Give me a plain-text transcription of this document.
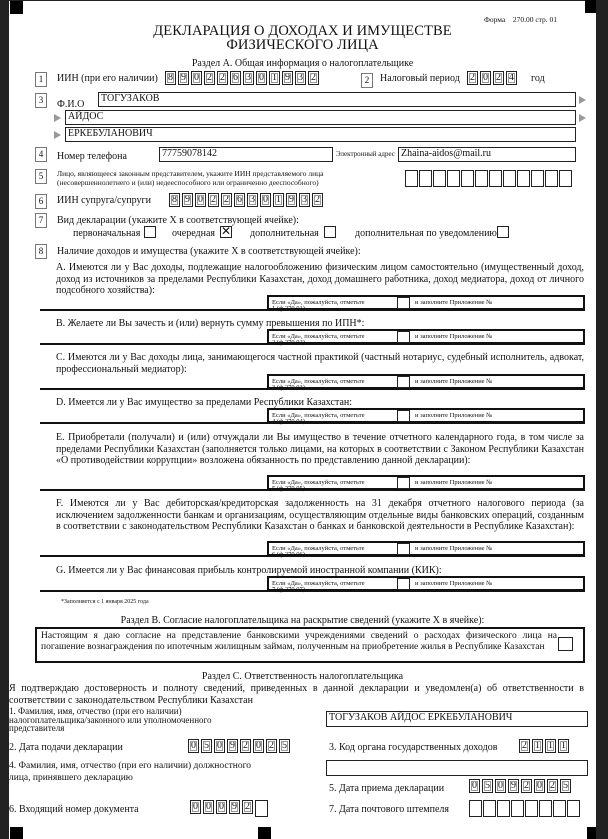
Форма 270.00 стр. 01
ДЕКЛАРАЦИЯ О ДОХОДАХ И ИМУЩЕСТВЕ
ФИЗИЧЕСКОГО ЛИЦА
Раздел А. Общая информация о налогоплательщике
1	ИИН (при его наличии)	8 9 0 2 2 6 3 0 1 9 3 2	2	Налоговый период	2 0 2 4	год
3	Ф.И.О
ТОГУЗАКОВ
АЙДОС
ЕРКЕБУЛАНОВИЧ
4	Номер телефона	77759078142	Электронный адрес Zhaina-aidos@mail.ru
5	Лицо, являющееся законным представителем, укажите ИИН представляемого лица
(несовершеннолетнего и (или) недееспособного или ограниченно дееспособного)
6	ИИН супруга/супруги	8 9 0 2 2 6 3 0 1 9 3 2
7	Вид декларации (укажите Х в соответствующей ячейке):
первоначальная	очередная ✕ дополнительная	дополнительная по уведомлению
8	Наличие доходов и имущества (укажите Х в соответствующей ячейке):
А. Имеются ли у Вас доходы, подлежащие налогообложению физическим лицом самостоятельно (имущественный доход, доход из источников за пределами Республики Казахстан, доход домашнего работника, доход медиатора, доход от личного подсобного хозяйства):
Если «Да», пожалуйста, отметьте	и заполните Приложение №
В. Желаете ли Вы зачесть и (или) вернуть сумму превышения по ИПН*:
Если «Да», пожалуйста, отметьте	и заполните Приложение №
С. Имеются ли у Вас доходы лица, занимающегося частной практикой (частный нотариус, судебный исполнитель, адвокат, профессиональный медиатор):
Если «Да», пожалуйста, отметьте	и заполните Приложение №
D. Имеется ли у Вас имущество за пределами Республики Казахстан:
Если «Да», пожалуйста, отметьте	и заполните Приложение №
Е. Приобретали (получали) и (или) отчуждали ли Вы имущество в течение отчетного календарного года, в том числе за пределами Республики Казахстан (заполняется только лицами, на которых в соответствии с Законом Республики Казахстан «О противодействии коррупции» возложена обязанность по представлению данной декларации):
Если «Да», пожалуйста, отметьте	и заполните Приложение №
F. Имеются ли у Вас дебиторская/кредиторская задолженность на 31 декабря отчетного налогового периода (за исключением задолженности банкам и организациям, осуществляющим отдельные виды банковских операций, созданным в соответствии с законодательством Республики Казахстан о банках и банковской деятельности в Республике Казахстан):
Если «Да», пожалуйста, отметьте	и заполните Приложение №
G. Имеется ли у Вас финансовая прибыль контролируемой иностранной компании (КИК):
Если «Да», пожалуйста, отметьте	и заполните Приложение №
*Заполняется с 1 января 2025 года
Раздел В. Согласие налогоплательщика на раскрытие сведений (укажите Х в ячейке):
Настоящим я даю согласие на представление банковскими учреждениями сведений о расходах физического лица на погашение вознаграждения по ипотечным жилищным займам, полученным на приобретение жилья в Республике Казахстан
Раздел С. Ответственность налогоплательщика
Я подтверждаю достоверность и полноту сведений, приведенных в данной декларации и уведомлен(а) об ответственности в соответствии с законодательством Республики Казахстан
1. Фамилия, имя, отчество (при его наличии) налогоплательщика/законного или уполномоченного представителя
ТОГУЗАКОВ АЙДОС ЕРКЕБУЛАНОВИЧ
2. Дата подачи декларации	0 5 0 9 2 0 2 5	3. Код органа государственных доходов	2 1 1 1
4. Фамилия, имя, отчество (при его наличии) должностного лица, принявшего декларацию
5. Дата приема декларации	0 5 0 9 2 0 2 5
6. Входящий номер документа	0 0 0 9 2	7. Дата почтового штемпеля
